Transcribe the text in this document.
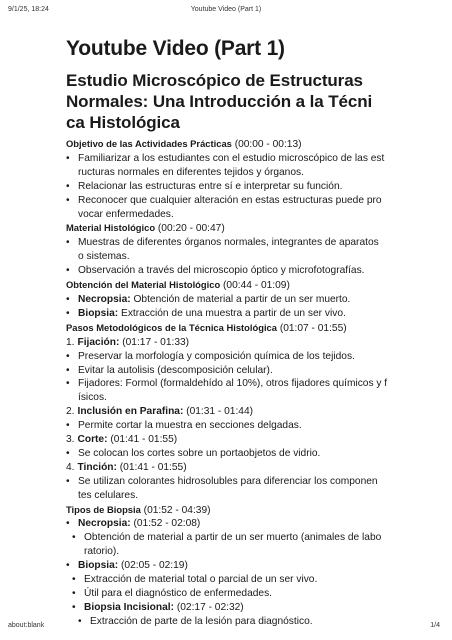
9/1/25, 18:24	Youtube Video (Part 1)
Youtube Video (Part 1)
Estudio Microscópico de Estructuras
Normales: Una Introducción a la Técni
ca Histológica
Objetivo de las Actividades Prácticas (00:00 - 00:13)
• Familiarizar a los estudiantes con el estudio microscópico de las est
ructuras normales en diferentes tejidos y órganos.
• Relacionar las estructuras entre sí e interpretar su función.
• Reconocer que cualquier alteración en estas estructuras puede pro
vocar enfermedades.
Material Histológico (00:20 - 00:47)
• Muestras de diferentes órganos normales, integrantes de aparatos
o sistemas.
• Observación a través del microscopio óptico y microfotografías.
Obtención del Material Histológico (00:44 - 01:09)
• Necropsia: Obtención de material a partir de un ser muerto.
• Biopsia: Extracción de una muestra a partir de un ser vivo.
Pasos Metodológicos de la Técnica Histológica (01:07 - 01:55)
1. Fijación: (01:17 - 01:33)
• Preservar la morfología y composición química de los tejidos.
• Evitar la autolisis (descomposición celular).
• Fijadores: Formol (formaldehído al 10%), otros fijadores químicos y f
ísicos.
2. Inclusión en Parafina: (01:31 - 01:44)
• Permite cortar la muestra en secciones delgadas.
3. Corte: (01:41 - 01:55)
• Se colocan los cortes sobre un portaobjetos de vidrio.
4. Tinción: (01:41 - 01:55)
• Se utilizan colorantes hidrosolubles para diferenciar los componen
tes celulares.
Tipos de Biopsia (01:52 - 04:39)
• Necropsia: (01:52 - 02:08)
• Obtención de material a partir de un ser muerto (animales de labo
ratorio).
• Biopsia: (02:05 - 02:19)
• Extracción de material total o parcial de un ser vivo.
• Útil para el diagnóstico de enfermedades.
• Biopsia Incisional: (02:17 - 02:32)
• Extracción de parte de la lesión para diagnóstico.
about:blank	1/4
